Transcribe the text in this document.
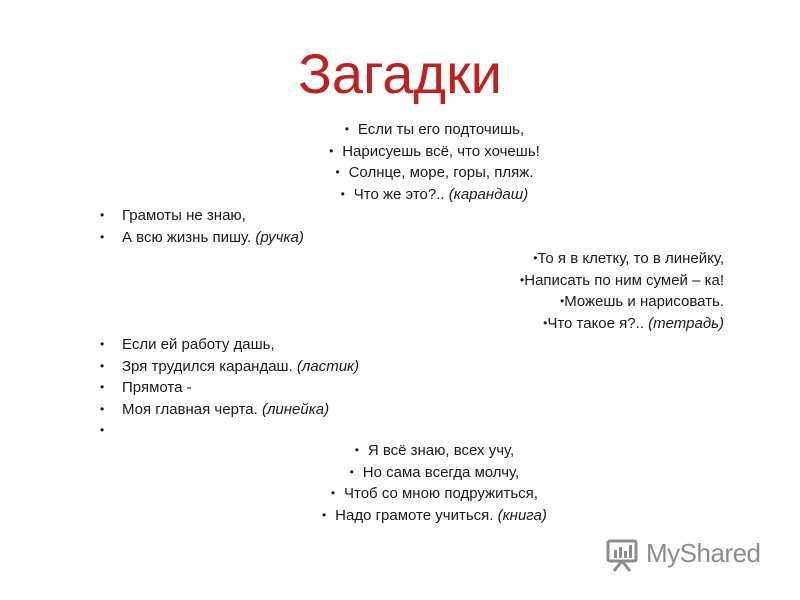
Загадки
• Если ты его подточишь,
• Нарисуешь всё, что хочешь!
• Солнце, море, горы, пляж.
• Что же это?.. (карандаш)
• Грамоты не знаю,
• А всю жизнь пишу. (ручка)
•То я в клетку, то в линейку,
•Написать по ним сумей – ка!
•Можешь и нарисовать.
•Что такое я?.. (тетрадь)
• Если ей работу дашь,
• Зря трудился карандаш. (ластик)
• Прямота -
• Моя главная черта. (линейка)
•
• Я всё знаю, всех учу,
• Но сама всегда молчу,
• Чтоб со мною подружиться,
• Надо грамоте учиться. (книга)
MyShared
